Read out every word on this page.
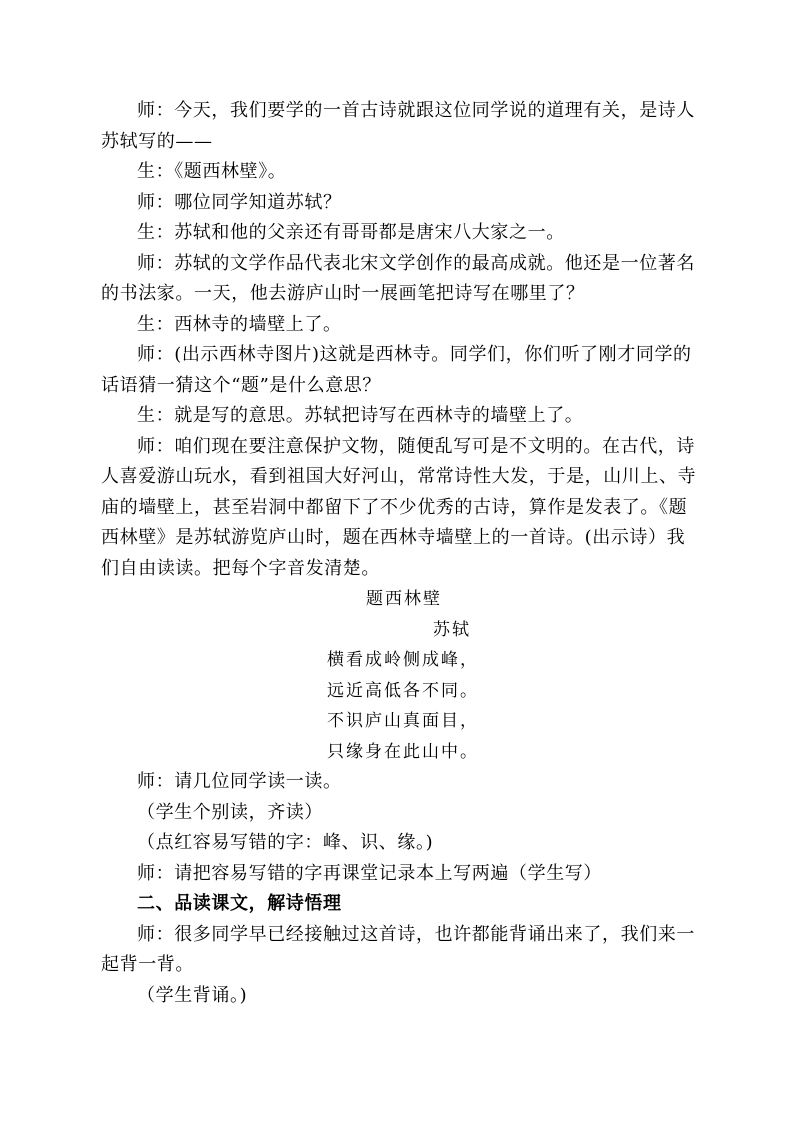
师：今天，我们要学的一首古诗就跟这位同学说的道理有关，是诗人苏轼写的——

生：《题西林壁》。

师：哪位同学知道苏轼？

生：苏轼和他的父亲还有哥哥都是唐宋八大家之一。

师：苏轼的文学作品代表北宋文学创作的最高成就。他还是一位著名的书法家。一天，他去游庐山时一展画笔把诗写在哪里了？

生：西林寺的墙壁上了。

师：(出示西林寺图片)这就是西林寺。同学们，你们听了刚才同学的话语猜一猜这个“题”是什么意思？

生：就是写的意思。苏轼把诗写在西林寺的墙壁上了。

师：咱们现在要注意保护文物，随便乱写可是不文明的。在古代，诗人喜爱游山玩水，看到祖国大好河山，常常诗性大发，于是，山川上、寺庙的墙壁上，甚至岩洞中都留下了不少优秀的古诗，算作是发表了。《题西林壁》是苏轼游览庐山时，题在西林寺墙壁上的一首诗。(出示诗）我们自由读读。把每个字音发清楚。

题西林壁
苏轼
横看成岭侧成峰，
远近高低各不同。
不识庐山真面目，
只缘身在此山中。

师：请几位同学读一读。

（学生个别读，齐读）

（点红容易写错的字：峰、识、缘。)

师：请把容易写错的字再课堂记录本上写两遍（学生写）

二、品读课文，解诗悟理

师：很多同学早已经接触过这首诗，也许都能背诵出来了，我们来一起背一背。

（学生背诵。)
